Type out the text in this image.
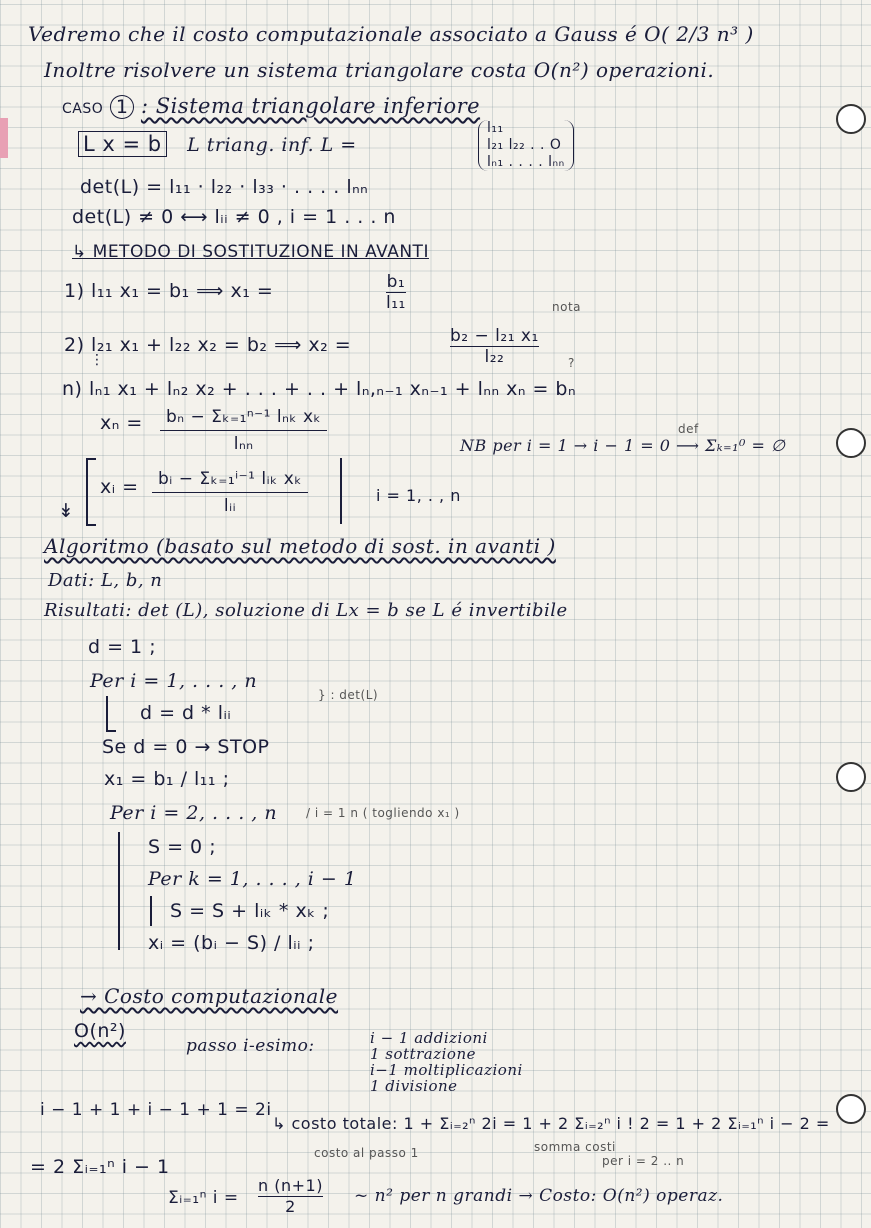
Vedremo che il costo computazionale associato a Gauss é O( 2/3 n³ )
Inoltre risolvere un sistema triangolare costa O(n²) operazioni.
CASO 1 : Sistema triangolare inferiore
L x = b L triang. inf. L =
l₁₁
l₂₁ l₂₂ . . O
lₙ₁ . . . . lₙₙ
det(L) = l₁₁ · l₂₂ · l₃₃ · . . . . lₙₙ
det(L) ≠ 0 ⟷ lᵢᵢ ≠ 0 , i = 1 . . . n
↳ METODO DI SOSTITUZIONE IN AVANTI
1) l₁₁ x₁ = b₁ ⟹ x₁ =	b₁
l₁₁
2) l₂₁ x₁ + l₂₂ x₂ = b₂ ⟹ x₂ =	b₂ − l₂₁ x₁
l₂₂
nota
?
⋮
n) lₙ₁ x₁ + lₙ₂ x₂ + . . . + . . + lₙ,ₙ₋₁ xₙ₋₁ + lₙₙ xₙ = bₙ
xₙ =	bₙ − Σₖ₌₁ⁿ⁻¹ lₙₖ xₖ
lₙₙ	NB per i = 1 → i − 1 = 0 ⟶ Σₖ₌₁⁰ = ∅
def
↡
xᵢ =	bᵢ − Σₖ₌₁ⁱ⁻¹ lᵢₖ xₖ
lᵢᵢ
i = 1, . , n
Algoritmo (basato sul metodo di sost. in avanti )
Dati: L, b, n
Risultati: det (L), soluzione di Lx = b se L é invertibile
d = 1 ;
Per i = 1, . . . , n
} : det(L)
d = d * lᵢᵢ
Se d = 0 → STOP
x₁ = b₁ / l₁₁ ;
Per i = 2, . . . , n / i = 1 n ( togliendo x₁ )
S = 0 ;
Per k = 1, . . . , i − 1
S = S + lᵢₖ * xₖ ;
xᵢ = (bᵢ − S) / lᵢᵢ ;
→ Costo computazionale
O(n²)
passo i-esimo:	i − 1 addizioni
1 sottrazione
i−1 moltiplicazioni
1 divisione
i − 1 + 1 + i − 1 + 1 = 2i
↳ costo totale: 1 + Σᵢ₌₂ⁿ 2i = 1 + 2 Σᵢ₌₂ⁿ i ! 2 = 1 + 2 Σᵢ₌₁ⁿ i − 2 =
costo al passo 1	somma costi
per i = 2 .. n
= 2 Σᵢ₌₁ⁿ i − 1
Σᵢ₌₁ⁿ i =
n (n+1)
2
~ n² per n grandi → Costo: O(n²) operaz.
